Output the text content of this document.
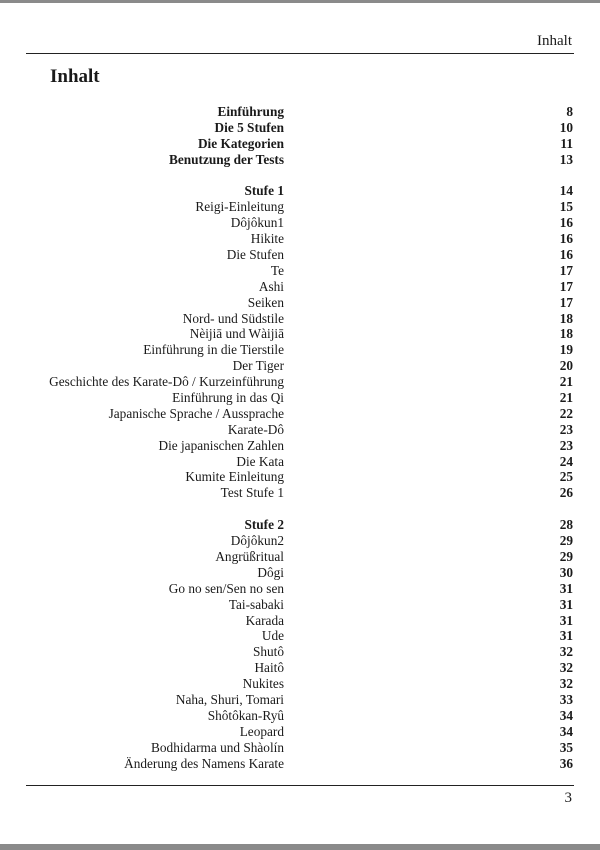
Inhalt
Inhalt
Einführung	8
Die 5 Stufen	10
Die Kategorien	11
Benutzung der Tests	13
Stufe 1	14
Reigi-Einleitung	15
Dôjôkun1	16
Hikite	16
Die Stufen	16
Te	17
Ashi	17
Seiken	17
Nord- und Südstile	18
Nèijiā und Wàijiā	18
Einführung in die Tierstile	19
Der Tiger	20
Geschichte des Karate-Dô / Kurzeinführung	21
Einführung in das Qi	21
Japanische Sprache / Aussprache	22
Karate-Dô	23
Die japanischen Zahlen	23
Die Kata	24
Kumite Einleitung	25
Test Stufe 1	26
Stufe 2	28
Dôjôkun2	29
Angrüßritual	29
Dôgi	30
Go no sen/Sen no sen	31
Tai-sabaki	31
Karada	31
Ude	31
Shutô	32
Haitô	32
Nukites	32
Naha, Shuri, Tomari	33
Shôtôkan-Ryû	34
Leopard	34
Bodhidarma und Shàolín	35
Änderung des Namens Karate	36
3
